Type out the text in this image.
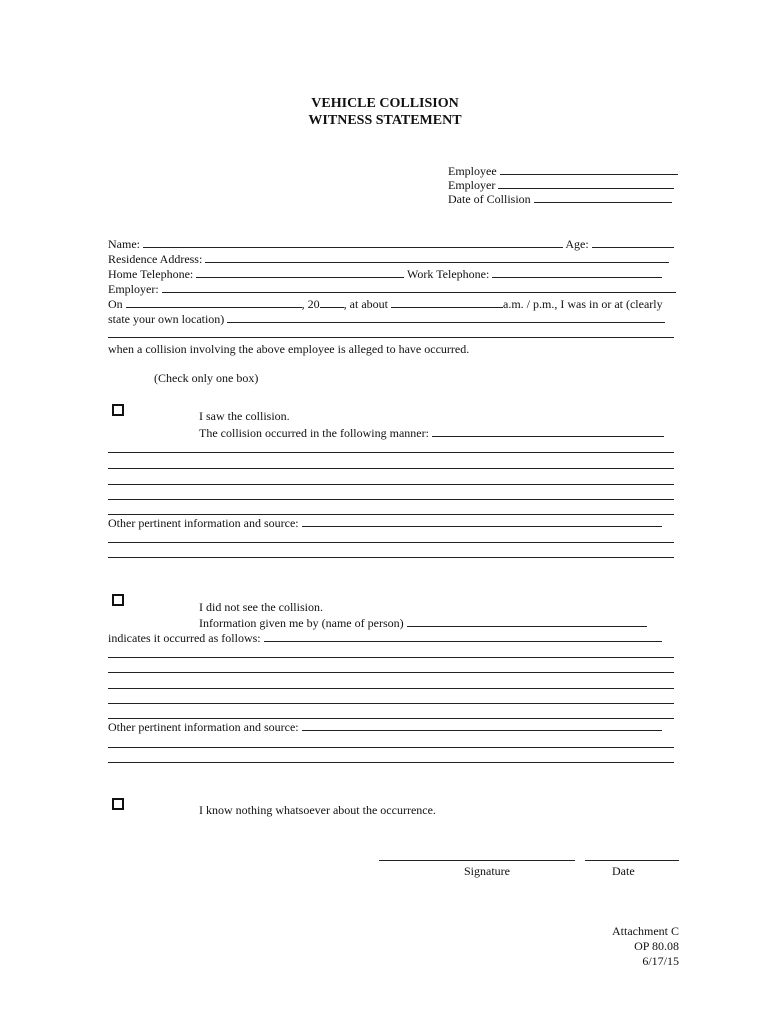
VEHICLE COLLISION
WITNESS STATEMENT
Employee
Employer
Date of Collision
Name:	Age:
Residence Address:
Home Telephone:	Work Telephone:
Employer:
On	, 20 , at about	a.m. / p.m., I was in or at (clearly
state your own location)
when a collision involving the above employee is alleged to have occurred.
(Check only one box)
I saw the collision.
The collision occurred in the following manner:
Other pertinent information and source:
I did not see the collision.
Information given me by (name of person)
indicates it occurred as follows:
Other pertinent information and source:
I know nothing whatsoever about the occurrence.
Signature	Date
Attachment C
OP 80.08
6/17/15
